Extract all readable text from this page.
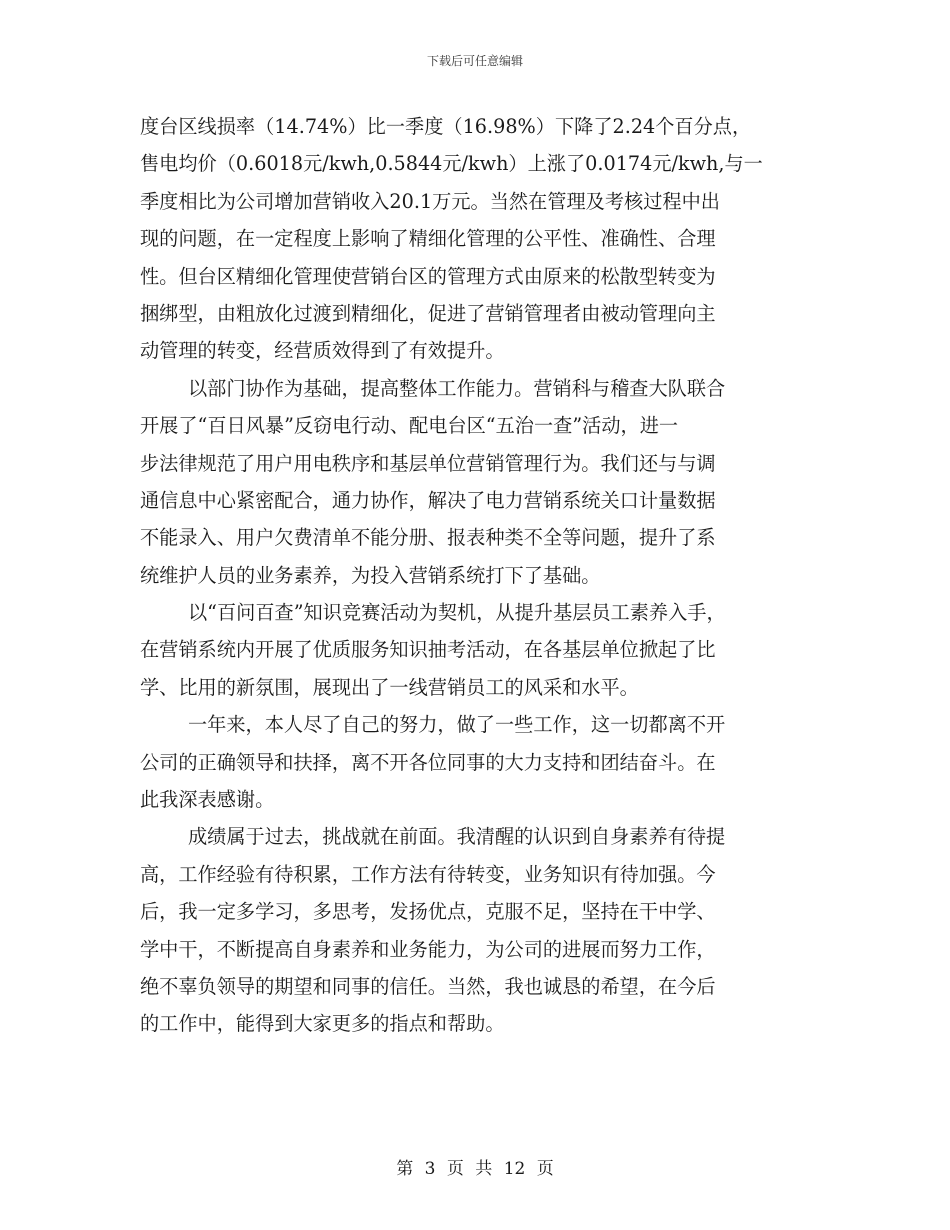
下载后可任意编辑
度台区线损率（14.74%）比一季度（16.98%）下降了2.24个百分点，
售电均价（0.6018元/kwh,0.5844元/kwh）上涨了0.0174元/kwh,与一
季度相比为公司增加营销收入20.1万元。当然在管理及考核过程中出
现的问题，在一定程度上影响了精细化管理的公平性、准确性、合理
性。但台区精细化管理使营销台区的管理方式由原来的松散型转变为
捆绑型，由粗放化过渡到精细化，促进了营销管理者由被动管理向主
动管理的转变，经营质效得到了有效提升。
以部门协作为基础，提高整体工作能力。营销科与稽查大队联合
开展了“百日风暴”反窃电行动、配电台区“五治一查”活动，进一
步法律规范了用户用电秩序和基层单位营销管理行为。我们还与与调
通信息中心紧密配合，通力协作，解决了电力营销系统关口计量数据
不能录入、用户欠费清单不能分册、报表种类不全等问题，提升了系
统维护人员的业务素养，为投入营销系统打下了基础。
以“百问百查”知识竞赛活动为契机，从提升基层员工素养入手，
在营销系统内开展了优质服务知识抽考活动，在各基层单位掀起了比
学、比用的新氛围，展现出了一线营销员工的风采和水平。
一年来，本人尽了自己的努力，做了一些工作，这一切都离不开
公司的正确领导和扶择，离不开各位同事的大力支持和团结奋斗。在
此我深表感谢。
成绩属于过去，挑战就在前面。我清醒的认识到自身素养有待提
高，工作经验有待积累，工作方法有待转变，业务知识有待加强。今
后，我一定多学习，多思考，发扬优点，克服不足，坚持在干中学、
学中干，不断提高自身素养和业务能力，为公司的进展而努力工作，
绝不辜负领导的期望和同事的信任。当然，我也诚恳的希望，在今后
的工作中，能得到大家更多的指点和帮助。
第 3 页 共 12 页
